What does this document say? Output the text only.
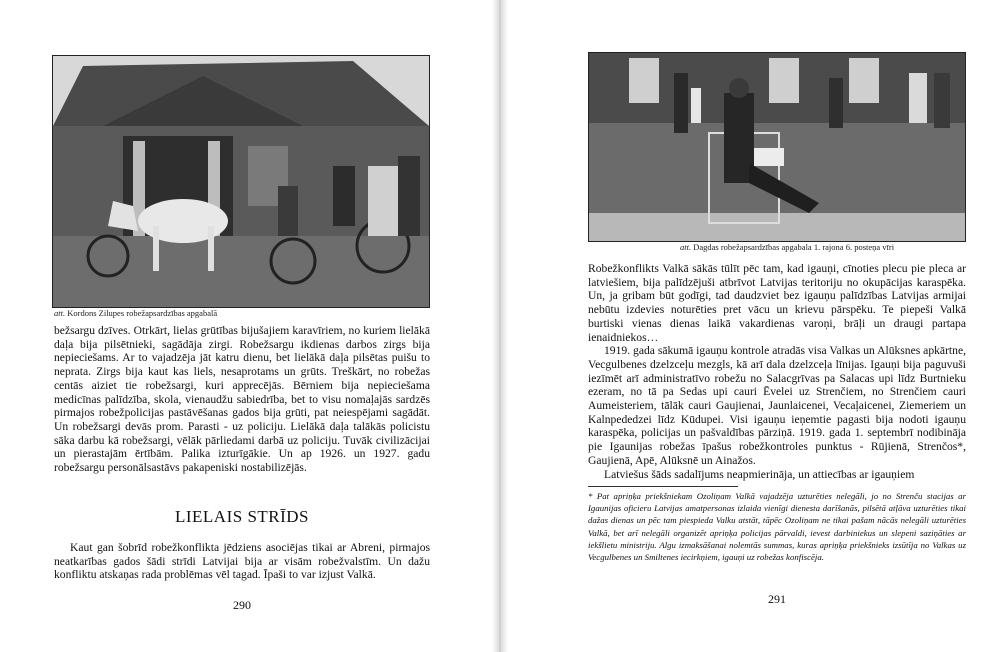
att. Kordons Zilupes robežapsardzības apgabalā

bežsargu dzīves. Otrkārt, lielas grūtības bijušajiem karavīriem, no kuriem lielākā daļa bija pilsētnieki, sagādāja zirgi. Robežsargu ikdienas darbos zirgs bija nepieciešams. Ar to vajadzēja jāt katru dienu, bet lielākā daļa pilsētas puišu to neprata. Zirgs bija kaut kas liels, nesaprotams un grūts. Treškārt, no robežas centās aiziet tie robežsargi, kuri apprecējās. Bērniem bija nepieciešama medicīnas palīdzība, skola, vienaudžu sabiedrība, bet to visu nomaļajās sardzēs pirmajos robežpolicijas pastāvēšanas gados bija grūti, pat neiespējami sagādāt. Un robežsargi devās prom. Parasti - uz policiju. Lielākā daļa talākās policistu sāka darbu kā robežsargi, vēlāk pārliedami darbā uz policiju. Tuvāk civilizācijai un pierastajām ērtībām. Palika izturīgākie. Un ap 1926. un 1927. gadu robežsargu personālsastāvs pakapeniski nostabilizējās.

LIELAIS STRĪDS

Kaut gan šobrīd robežkonflikta jēdziens asociējas tikai ar Abreni, pirmajos neatkarības gados šādi strīdi Latvijai bija ar visām robežvalstīm. Un dažu konfliktu atskaņas rada problēmas vēl tagad. Īpaši to var izjust Valkā.

290
att. Dagdas robežapsardzības apgabala 1. rajona 6. posteņa vīri

Robežkonflikts Valkā sākās tūlīt pēc tam, kad igauņi, cīnoties plecu pie pleca ar latviešiem, bija palīdzējuši atbrīvot Latvijas teritoriju no okupācijas karaspēka. Un, ja gribam būt godīgi, tad daudzviet bez igauņu palīdzības Latvijas armijai nebūtu izdevies noturēties pret vācu un krievu pārspēku. Te piepeši Valkā burtiski vienas dienas laikā vakardienas varoņi, brāļi un draugi partapa ienaidniekos…

1919. gada sākumā igauņu kontrole atradās visa Valkas un Alūksnes apkārtne, Vecgulbenes dzelzceļu mezgls, kā arī dala dzelzceļa līnijas. Igauņi bija paguvuši iezīmēt arī administratīvo robežu no Salacgrīvas pa Salacas upi līdz Burtnieku ezeram, no tā pa Sedas upi cauri Ēvelei uz Strenčiem, no Strenčiem cauri Aumeisteriem, tālāk cauri Gaujienai, Jaunlaicenei, Vecaļaicenei, Ziemeriem un Kalnpededzei līdz Kūdupei. Visi igauņu ieņemtie pagasti bija nodoti igauņu karaspēka, policijas un pašvaldības pārziņā. 1919. gada 1. septembrī nodibināja pie Igaunijas robežas īpašus robežkontroles punktus - Rūjienā, Strenčos*, Gaujienā, Apē, Alūksnē un Ainažos.

Latviešus šāds sadalījums neapmierināja, un attiecības ar igauņiem

* Pat apriņķa priekšniekam Ozoliņam Valkā vajadzēja uzturēties nelegāli, jo no Strenču stacijas ar Igaunijas oficieru Latvijas amatpersonas izlaida vienīgi dienesta darīšanās, pilsētā atļāva uzturēties tikai dažas dienas un pēc tam piespieda Valku atstāt, tāpēc Ozoliņam ne tikai pašam nācās nelegāli uzturēties Valkā, bet arī nelegāli organizēt apriņķa policijas pārvaldi, ievest darbiniekus un slepeni saziņāties ar iekšlietu ministriju. Algu izmaksāšanai nolemtās summas, kuras apriņķa priekšnieks izsūtīja no Valkas uz Vecgulbenes un Smiltenes iecirkņiem, igauņi uz robežas konfiscēja.
291
